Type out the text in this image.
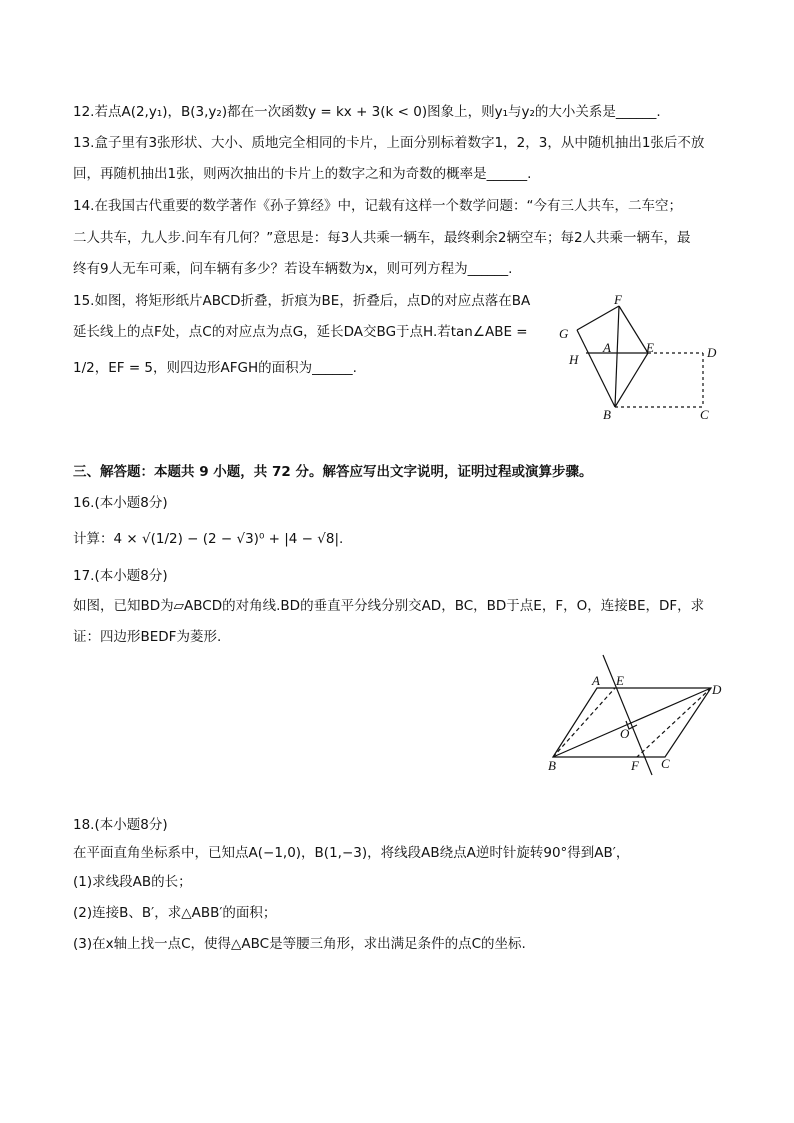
12.若点A(2,y₁)，B(3,y₂)都在一次函数y = kx + 3(k < 0)图象上，则y₁与y₂的大小关系是______.
13.盒子里有3张形状、大小、质地完全相同的卡片，上面分别标着数字1，2，3，从中随机抽出1张后不放
回，再随机抽出1张，则两次抽出的卡片上的数字之和为奇数的概率是______.
14.在我国古代重要的数学著作《孙子算经》中，记载有这样一个数学问题：“今有三人共车，二车空；
二人共车，九人步.问车有几何？”意思是：每3人共乘一辆车，最终剩余2辆空车；每2人共乘一辆车，最
终有9人无车可乘，问车辆有多少？若设车辆数为x，则可列方程为______.
15.如图，将矩形纸片ABCD折叠，折痕为BE，折叠后，点D的对应点落在BA
延长线上的点F处，点C的对应点为点G，延长DA交BG于点H.若tan∠ABE =
1/2，EF = 5，则四边形AFGH的面积为______.
F
G
H
A	E	D
B	C
三、解答题：本题共 9 小题，共 72 分。解答应写出文字说明，证明过程或演算步骤。
16.(本小题8分)
计算：4 × √(1/2) − (2 − √3)⁰ + |4 − √8|.
17.(本小题8分)
如图，已知BD为▱ABCD的对角线.BD的垂直平分线分别交AD，BC，BD于点E，F，O，连接BE，DF，求
证：四边形BEDF为菱形.
A E
D
O
B	F C
18.(本小题8分)
在平面直角坐标系中，已知点A(−1,0)，B(1,−3)，将线段AB绕点A逆时针旋转90°得到AB′，
(1)求线段AB的长；
(2)连接B、B′，求△ABB′的面积；
(3)在x轴上找一点C，使得△ABC是等腰三角形，求出满足条件的点C的坐标.
